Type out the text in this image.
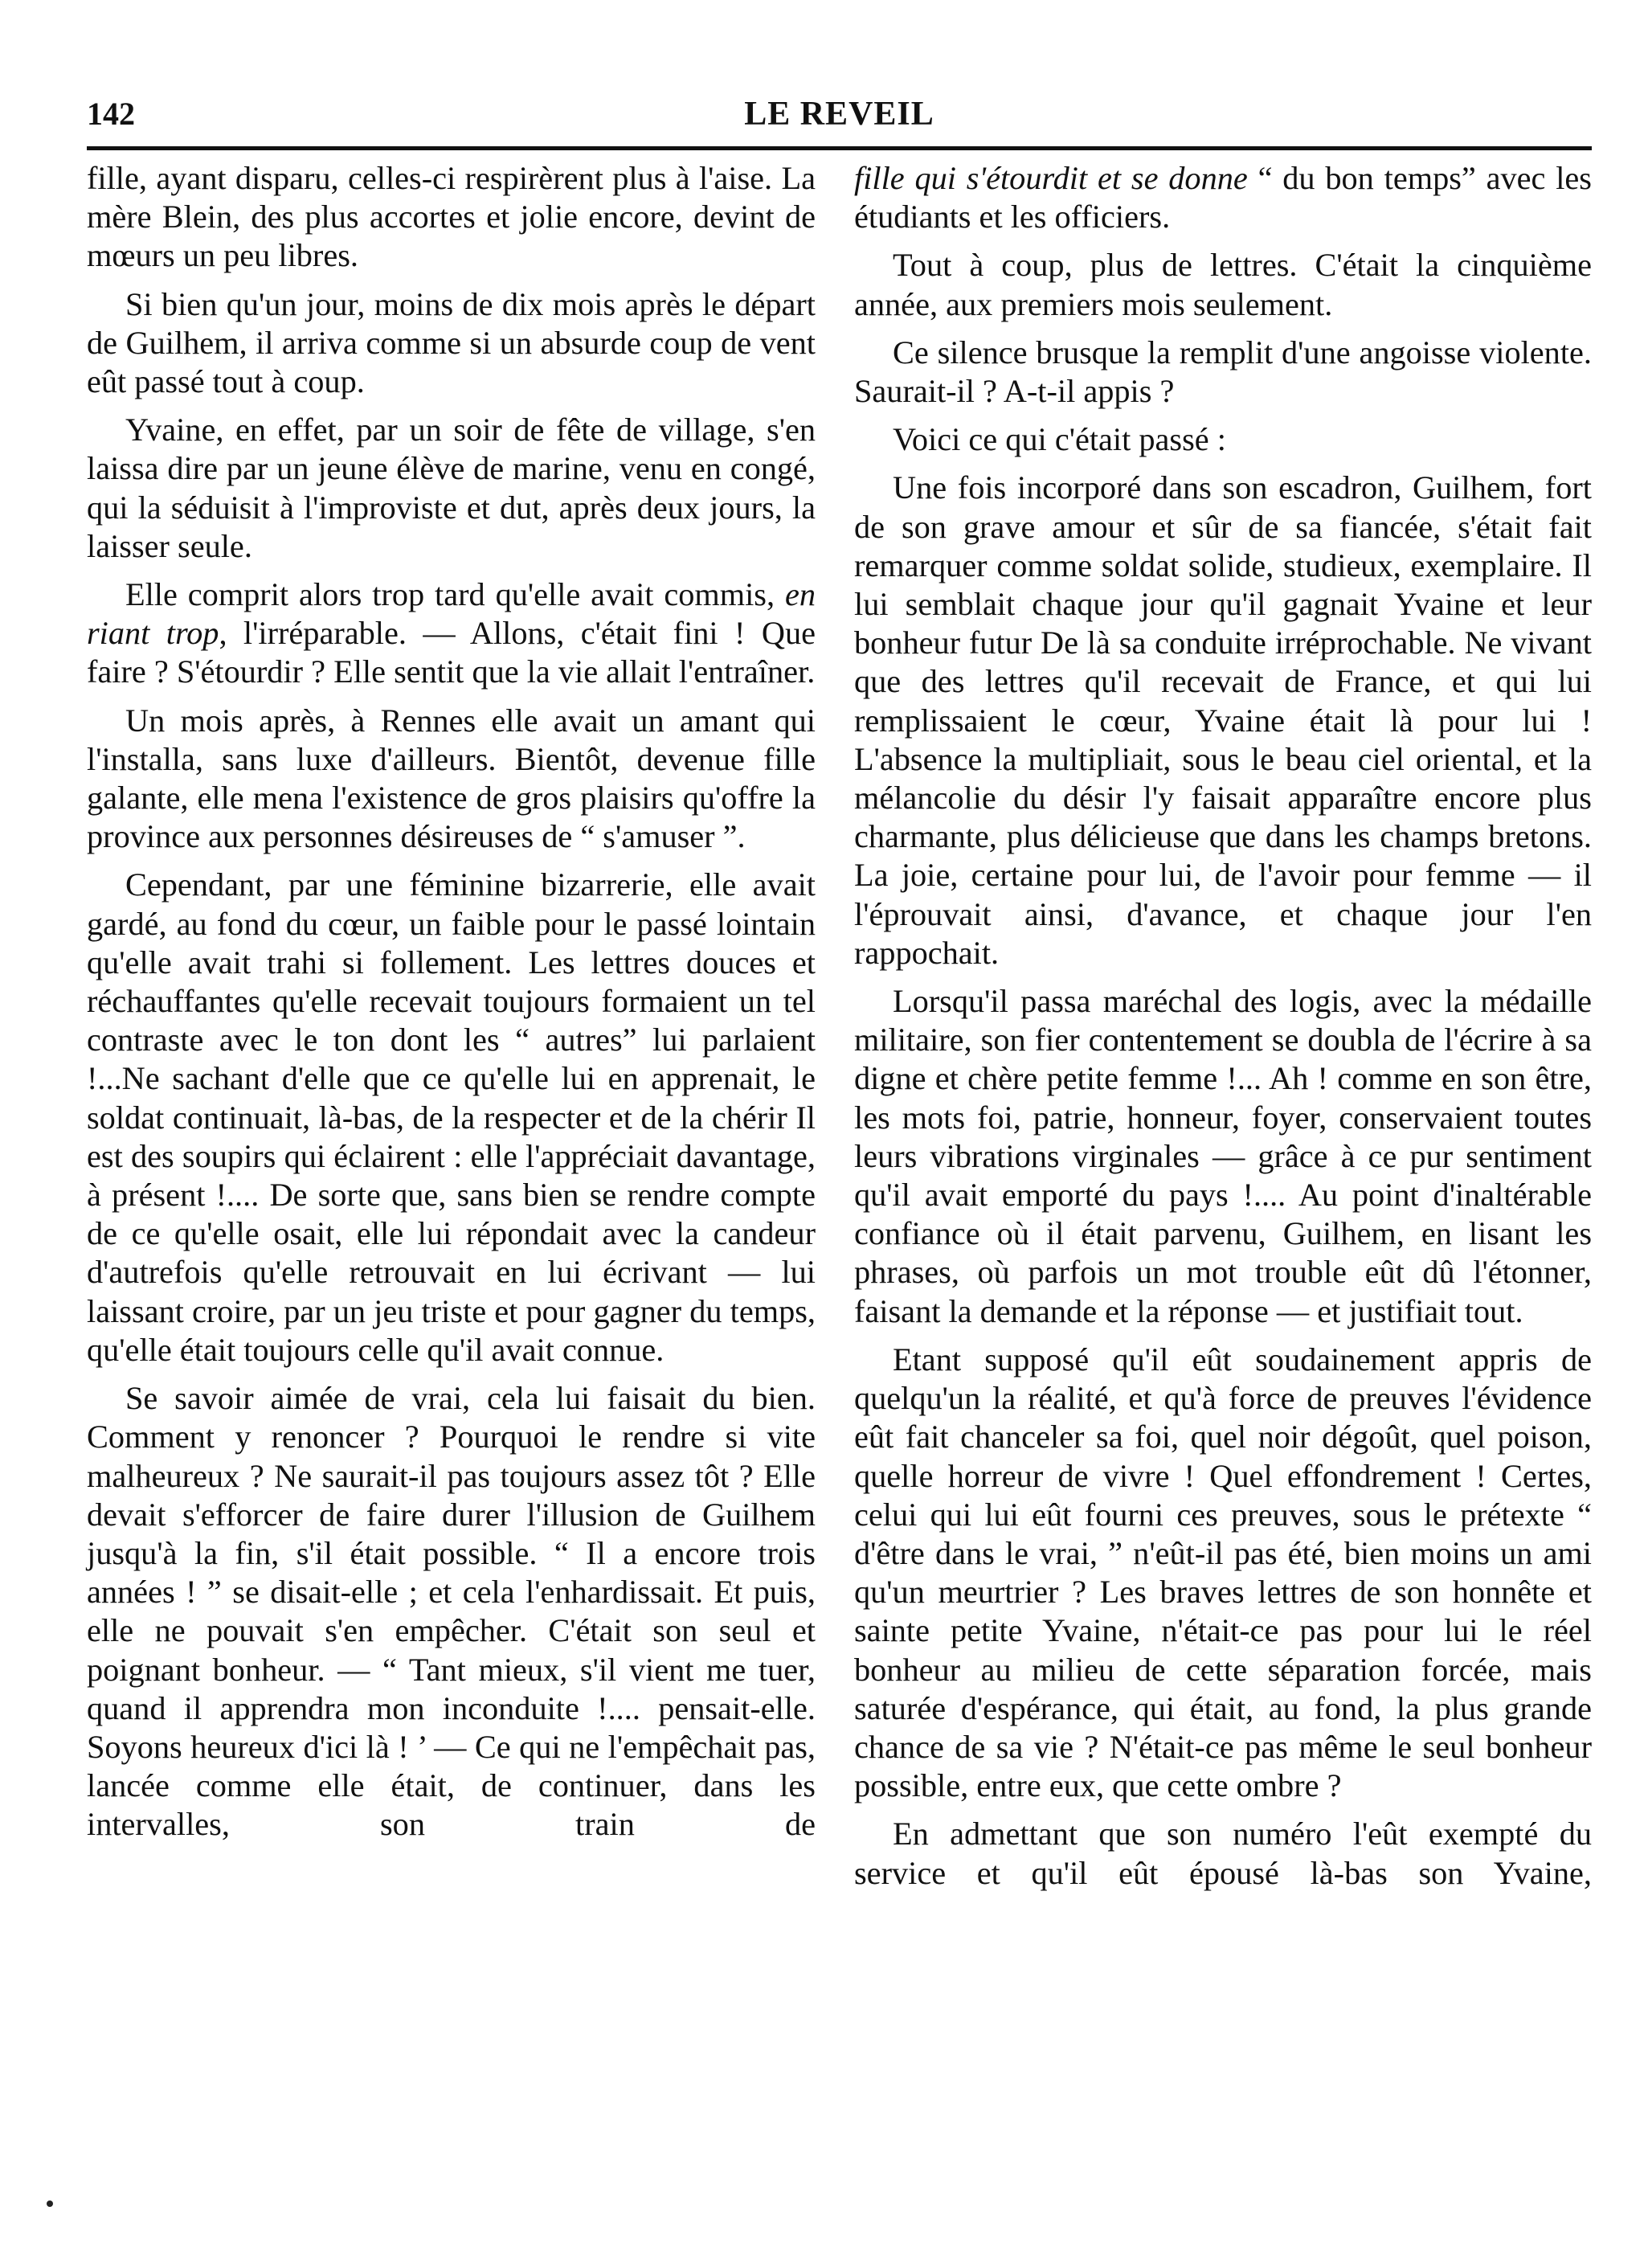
142	LE REVEIL

fille, ayant disparu, celles-ci respirèrent plus à l'aise. La mère Blein, des plus accortes et jolie encore, devint de mœurs un peu libres.

Si bien qu'un jour, moins de dix mois après le départ de Guilhem, il arriva comme si un absurde coup de vent eût passé tout à coup.

Yvaine, en effet, par un soir de fête de village, s'en laissa dire par un jeune élève de marine, venu en congé, qui la séduisit à l'improviste et dut, après deux jours, la laisser seule.

Elle comprit alors trop tard qu'elle avait commis, en riant trop, l'irréparable. — Allons, c'était fini ! Que faire ? S'étourdir ? Elle sentit que la vie allait l'entraîner.

Un mois après, à Rennes elle avait un amant qui l'installa, sans luxe d'ailleurs. Bientôt, devenue fille galante, elle mena l'existence de gros plaisirs qu'offre la province aux personnes désireuses de “ s'amuser ”.

Cependant, par une féminine bizarrerie, elle avait gardé, au fond du cœur, un faible pour le passé lointain qu'elle avait trahi si follement. Les lettres douces et réchauffantes qu'elle recevait toujours formaient un tel contraste avec le ton dont les “ autres” lui parlaient !...Ne sachant d'elle que ce qu'elle lui en apprenait, le soldat continuait, là-bas, de la respecter et de la chérir Il est des soupirs qui éclairent : elle l'appréciait davantage, à présent !.... De sorte que, sans bien se rendre compte de ce qu'elle osait, elle lui répondait avec la candeur d'autrefois qu'elle retrouvait en lui écrivant — lui laissant croire, par un jeu triste et pour gagner du temps, qu'elle était toujours celle qu'il avait connue.

Se savoir aimée de vrai, cela lui faisait du bien. Comment y renoncer ? Pourquoi le rendre si vite malheureux ? Ne saurait-il pas toujours assez tôt ? Elle devait s'efforcer de faire durer l'illusion de Guilhem jusqu'à la fin, s'il était possible. “ Il a encore trois années ! ” se disait-elle ; et cela l'enhardissait. Et puis, elle ne pouvait s'en empêcher. C'était son seul et poignant bonheur. — “ Tant mieux, s'il vient me tuer, quand il apprendra mon inconduite !.... pensait-elle. Soyons heureux d'ici là ! ’ — Ce qui ne l'empêchait pas, lancée comme elle était, de continuer, dans les intervalles, son train de

fille qui s'étourdit et se donne “ du bon temps” avec les étudiants et les officiers.

Tout à coup, plus de lettres. C'était la cinquième année, aux premiers mois seulement.

Ce silence brusque la remplit d'une angoisse violente. Saurait-il ? A-t-il appis ?

Voici ce qui c'était passé :

Une fois incorporé dans son escadron, Guilhem, fort de son grave amour et sûr de sa fiancée, s'était fait remarquer comme soldat solide, studieux, exemplaire. Il lui semblait chaque jour qu'il gagnait Yvaine et leur bonheur futur De là sa conduite irréprochable. Ne vivant que des lettres qu'il recevait de France, et qui lui remplissaient le cœur, Yvaine était là pour lui ! L'absence la multipliait, sous le beau ciel oriental, et la mélancolie du désir l'y faisait apparaître encore plus charmante, plus délicieuse que dans les champs bretons. La joie, certaine pour lui, de l'avoir pour femme — il l'éprouvait ainsi, d'avance, et chaque jour l'en rappochait.

Lorsqu'il passa maréchal des logis, avec la médaille militaire, son fier contentement se doubla de l'écrire à sa digne et chère petite femme !... Ah ! comme en son être, les mots foi, patrie, honneur, foyer, conservaient toutes leurs vibrations virginales — grâce à ce pur sentiment qu'il avait emporté du pays !.... Au point d'inaltérable confiance où il était parvenu, Guilhem, en lisant les phrases, où parfois un mot trouble eût dû l'étonner, faisant la demande et la réponse — et justifiait tout.

Etant supposé qu'il eût soudainement appris de quelqu'un la réalité, et qu'à force de preuves l'évidence eût fait chanceler sa foi, quel noir dégoût, quel poison, quelle horreur de vivre ! Quel effondrement ! Certes, celui qui lui eût fourni ces preuves, sous le prétexte “ d'être dans le vrai, ” n'eût-il pas été, bien moins un ami qu'un meurtrier ? Les braves lettres de son honnête et sainte petite Yvaine, n'était-ce pas pour lui le réel bonheur au milieu de cette séparation forcée, mais saturée d'espérance, qui était, au fond, la plus grande chance de sa vie ? N'était-ce pas même le seul bonheur possible, entre eux, que cette ombre ?

En admettant que son numéro l'eût exempté du service et qu'il eût épousé là-bas son Yvaine,
